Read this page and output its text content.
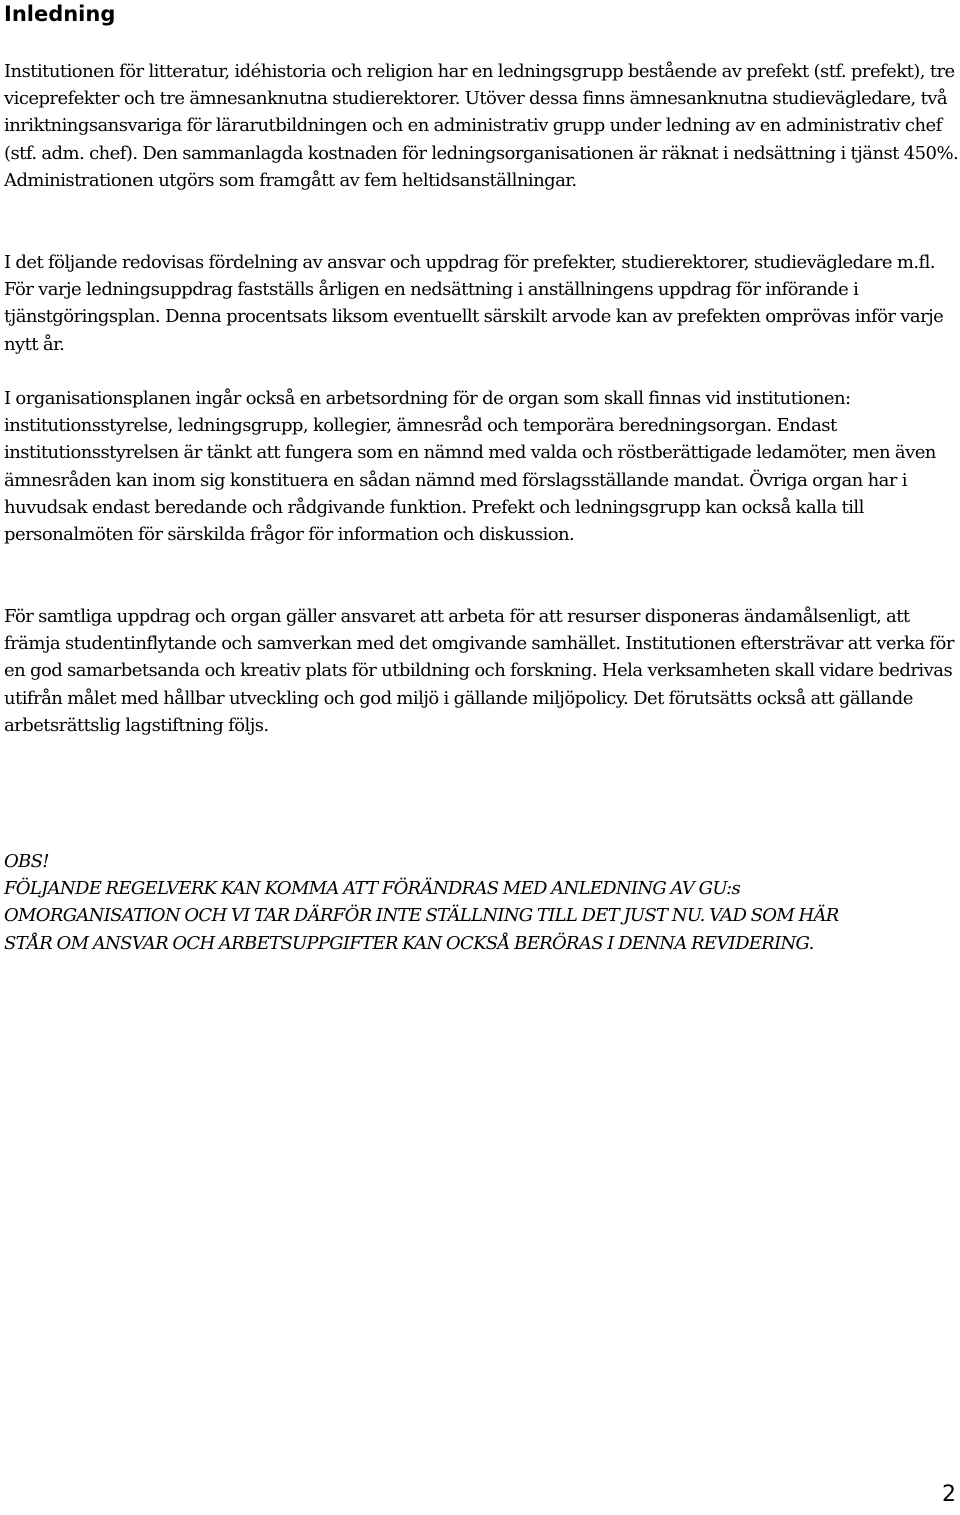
Inledning

Institutionen för litteratur, idéhistoria och religion har en ledningsgrupp bestående av prefekt (stf. prefekt), tre viceprefekter och tre ämnesanknutna studierektorer. Utöver dessa finns ämnesanknutna studievägledare, två inriktningsansvariga för lärarutbildningen och en administrativ grupp under ledning av en administrativ chef (stf. adm. chef). Den sammanlagda kostnaden för ledningsorganisationen är räknat i nedsättning i tjänst 450%. Administrationen utgörs som framgått av fem heltidsanställningar.

I det följande redovisas fördelning av ansvar och uppdrag för prefekter, studierektorer, studievägledare m.fl. För varje ledningsuppdrag fastställs årligen en nedsättning i anställningens uppdrag för införande i tjänstgöringsplan. Denna procentsats liksom eventuellt särskilt arvode kan av prefekten omprövas inför varje nytt år.

I organisationsplanen ingår också en arbetsordning för de organ som skall finnas vid institutionen: institutionsstyrelse, ledningsgrupp, kollegier, ämnesråd och temporära beredningsorgan. Endast institutionsstyrelsen är tänkt att fungera som en nämnd med valda och röstberättigade ledamöter, men även ämnesråden kan inom sig konstituera en sådan nämnd med förslagsställande mandat. Övriga organ har i huvudsak endast beredande och rådgivande funktion. Prefekt och ledningsgrupp kan också kalla till personalmöten för särskilda frågor för information och diskussion.

För samtliga uppdrag och organ gäller ansvaret att arbeta för att resurser disponeras ändamålsenligt, att främja studentinflytande och samverkan med det omgivande samhället. Institutionen eftersträvar att verka för en god samarbetsanda och kreativ plats för utbildning och forskning. Hela verksamheten skall vidare bedrivas utifrån målet med hållbar utveckling och god miljö i gällande miljöpolicy. Det förutsätts också att gällande arbetsrättslig lagstiftning följs.

OBS!
FÖLJANDE REGELVERK KAN KOMMA ATT FÖRÄNDRAS MED ANLEDNING AV GU:s
OMORGANISATION OCH VI TAR DÄRFÖR INTE STÄLLNING TILL DET JUST NU. VAD SOM HÄR
STÅR OM ANSVAR OCH ARBETSUPPGIFTER KAN OCKSÅ BERÖRAS I DENNA REVIDERING.
2
